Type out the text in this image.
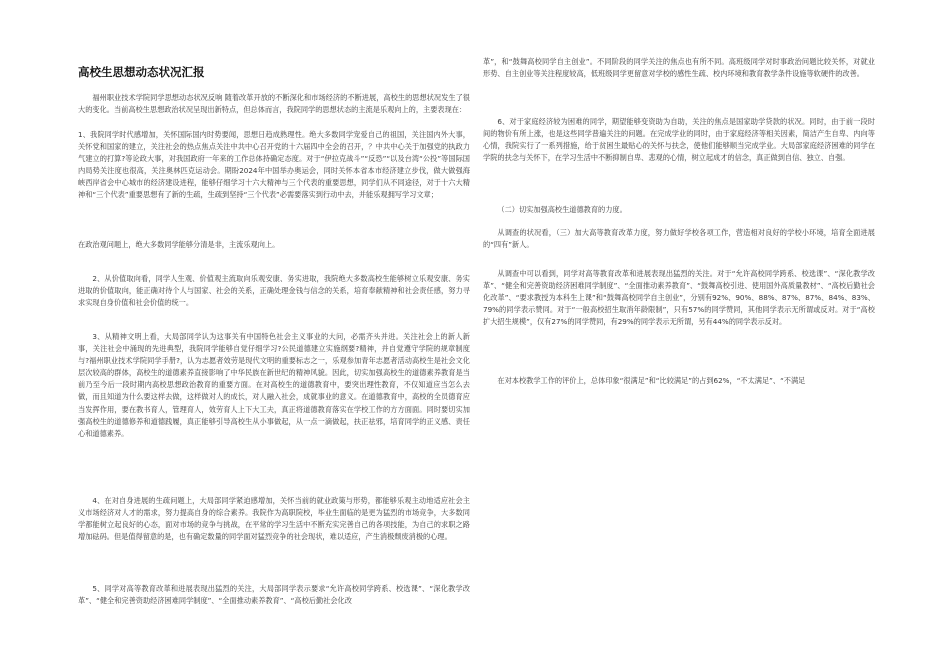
高校生思想动态状况汇报

福州职业技术学院同学思想动态状况反响 随着改革开放的不断深化和市场经济的不断进展，高校生的思想状况发生了很大的变化。当前高校生思想政治状况呈现出新特点，但总体而言，我院同学的思想状态的主流是乐观向上的，主要表现在：

1、我院同学时代感增加，关怀国际国内时势要闻，思想日趋成熟理性。绝大多数同学宠爱自己的祖国，关注国内外大事，关怀党和国家的建立，关注社会的热点焦点关注中共中心召开党的十六届四中全会的召开，？中共中心关于加强党的执政力气建立的打算?等论政大事，对我国政府一年来的工作总体持确定态度。对于“伊拉克战斗”“反恐”“以及台湾“公投”等国际国内局势关注度也很高，关注奥林匹克运动会。期盼2024年中国举办奥运会，同时关怀本省本市经济建立步伐，做大做强海峡西岸省会中心城市的经济建设进程，能够仔细学习十六大精神与三个代表的重要思想，同学们从不同途径，对于十六大精神和“三个代表”重要思想有了新的生疏，生疏到坚持“三个代表”必需要落实到行动中去，并能乐观拥写学习文章；

在政治观问题上，绝大多数同学能够分清是非，主流乐观向上。

2、从价值取向看，同学人生观、价值观主流取向乐观安康、务实进取，我院绝大多数高校生能够树立乐观安康、务实进取的价值取向，能正确对待个人与国家、社会的关系，正确处理金钱与信念的关系，培育奉献精神和社会责任感，努力寻求实现自身价值和社会价值的统一。

3、从精神文明上看，大局部同学认为这事关有中国特色社会主义事业的大问，必需齐头并进。关注社会上的新人新事，关注社会中涌现的先进典型，我院同学能够自觉仔细学习?公民道德建立实施纲要?精神，并自觉遵守学院的规章制度与?福州职业技术学院同学手册?，认为志愿者效劳是现代文明的重要标志之一，乐观参加青年志愿者活动高校生是社会文化层次较高的群体，高校生的道德素养直接影响了中华民族在新世纪的精神风貌。因此，切实加强高校生的道德素养教育是当前乃至今后一段时期内高校思想政治教育的重要方面。在对高校生的道德教育中，要突出理性教育，不仅知道应当怎么去做，而且知道为什么要这样去做，这样做对人的成长，对人融入社会，成就事业的意义。在道德教育中，高校的全员德育应当发挥作用，要在教书育人，管理育人，效劳育人上下大工夫，真正将道德教育落实在学校工作的方方面面。同时要切实加强高校生的道德修养和道德践履，真正能够引导高校生从小事做起，从一点一滴做起，扶正祛邪，培育同学的正义感、责任心和道德素养。

4、在对自身进展的生疏问题上，大局部同学紧迫感增加，关怀当前的就业政策与形势，都能够乐观主动地适应社会主义市场经济对人才的需求，努力提高自身的综合素养。我院作为高职院校，毕业生面临的是更为猛烈的市场竞争，大多数同学都能树立起良好的心态，面对市场的竞争与挑战，在平常的学习生活中不断充实完善自己的各项技能，为自己的求职之路增加砝码。但是值得留意的是，也有确定数量的同学面对猛烈竞争的社会现状，难以适应，产生消极颓废消极的心理。

5、同学对高等教育改革和进展表现出猛烈的关注，大局部同学表示要求“允许高校同学跨系、校选课”、“深化教学改革”、“健全和完善资助经济困难同学制度”、“全面推动素养教育”、“高校后勤社会化改

革”，和“鼓舞高校同学自主创业”。不同阶段的同学关注的焦点也有所不同。高班级同学对时事政治问题比较关怀，对就业形势、自主创业等关注程度较高，低班级同学更留意对学校的感性生疏、校内环境和教育教学条件设施等软硬件的改善。

6、对于家庭经济较为困难的同学，期望能够变资助为自助，关注的焦点是国家助学贷款的状况。同时，由于前一段时间的物价有所上涨，也是这些同学普遍关注的问题。在完成学业的同时，由于家庭经济等相关因素，简洁产生自卑、内向等心情，我院实行了一系列措施，给于贫困生最贴心的关怀与扶念，使他们能够顺当完成学业。大局部家庭经济困难的同学在学院的扶念与关怀下，在学习生活中不断抑制自卑、悲观的心情，树立起成才的信念，真正做到自信、独立、自强。

（二）切实加强高校生道德教育的力度。

从调查的状况看，（三）加大高等教育改革力度，努力做好学校各项工作，营造相对良好的学校小环境，培育全面进展的“四有”新人。

从调查中可以看到，同学对高等教育改革和进展表现出猛烈的关注。对于“允许高校同学跨系、校选课”、“深化教学改革”、“健全和完善资助经济困难同学制度”、“全面推动素养教育”、“鼓舞高校引进、使用国外高质量教材”、“高校后勤社会化改革”、“要求教授为本科生上课”和“鼓舞高校同学自主创业”，分别有92%、90%、88%、87%、87%、84%、83%、79%的同学表示赞同。对于“一般高校招生取消年龄限制”，只有57%的同学赞同，其他同学表示无所谓或反对。对于“高校扩大招生规模”，仅有27%的同学赞同，有29%的同学表示无所谓，另有44%的同学表示反对。

在对本校教学工作的评价上，总体印象“很满足”和“比较满足”的占到62%，“不太满足”、“不满足
